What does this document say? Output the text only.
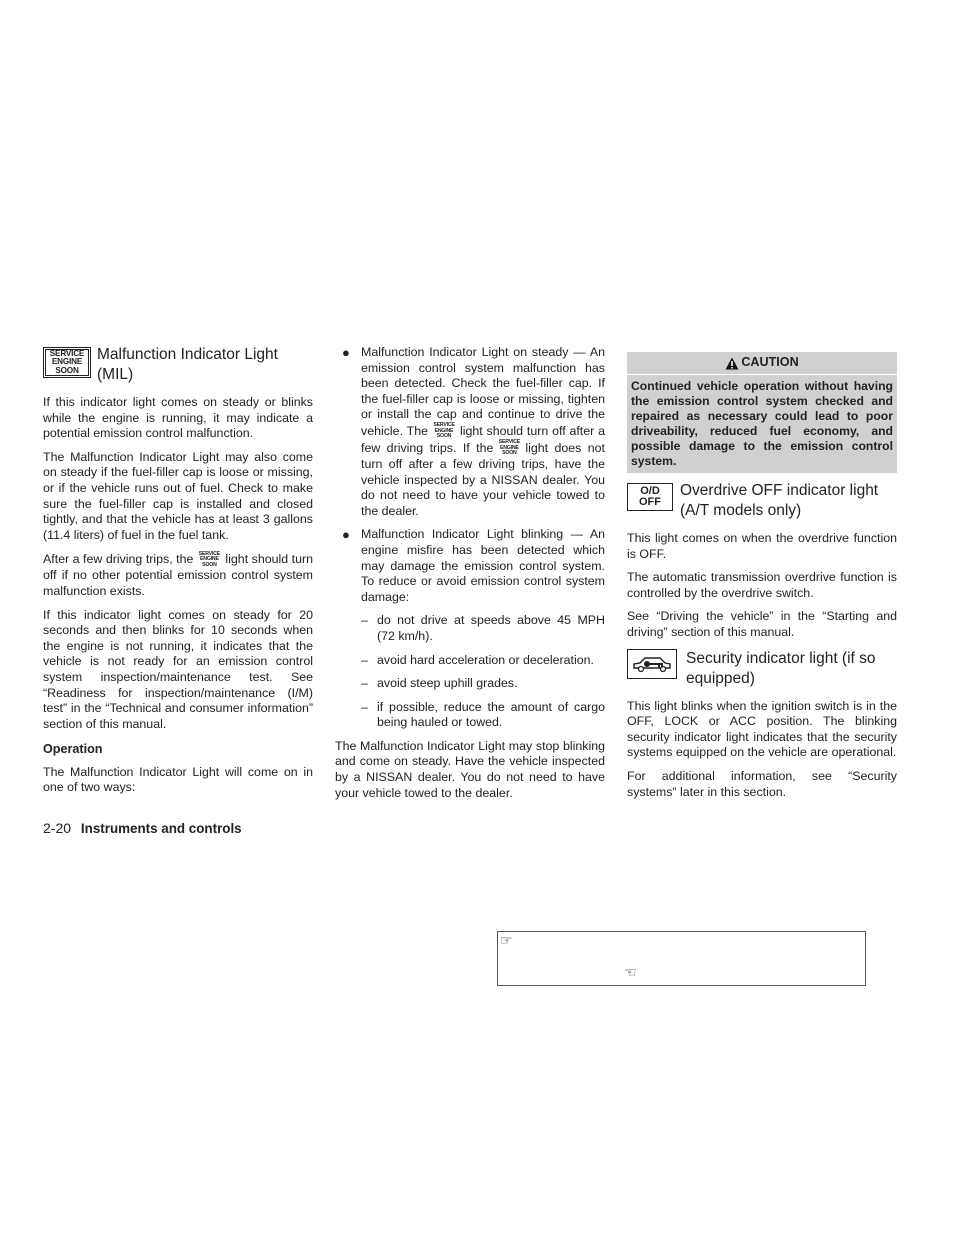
SERVICE
ENGINE
SOON
Malfunction Indicator Light (MIL)

If this indicator light comes on steady or blinks while the engine is running, it may indicate a potential emission control malfunction.

The Malfunction Indicator Light may also come on steady if the fuel-filler cap is loose or missing, or if the vehicle runs out of fuel. Check to make sure the fuel-filler cap is installed and closed tightly, and that the vehicle has at least 3 gallons (11.4 liters) of fuel in the fuel tank.

After a few driving trips, the SERVICE
ENGINE
SOON light should turn off if no other potential emission control system malfunction exists.

If this indicator light comes on steady for 20 seconds and then blinks for 10 seconds when the engine is not running, it indicates that the vehicle is not ready for an emission control system inspection/maintenance test. See “Readiness for inspection/maintenance (I/M) test” in the “Technical and consumer information” section of this manual.

Operation

The Malfunction Indicator Light will come on in one of two ways:

● Malfunction Indicator Light on steady — An emission control system malfunction has been detected. Check the fuel-filler cap. If the fuel-filler cap is loose or missing, tighten or install the cap and continue to drive the vehicle. The SERVICE
ENGINE
SOON light should turn off after a few driving trips. If the SERVICE
ENGINE
SOON light does not turn off after a few driving trips, have the vehicle inspected by a NISSAN dealer. You do not need to have your vehicle towed to the dealer.
● Malfunction Indicator Light blinking — An engine misfire has been detected which may damage the emission control system. To reduce or avoid emission control system damage:
– do not drive at speeds above 45 MPH (72 km/h).
– avoid hard acceleration or deceleration.
– avoid steep uphill grades.
– if possible, reduce the amount of cargo being hauled or towed.

The Malfunction Indicator Light may stop blinking and come on steady. Have the vehicle inspected by a NISSAN dealer. You do not need to have your vehicle towed to the dealer.

CAUTION
Continued vehicle operation without having the emission control system checked and repaired as necessary could lead to poor driveability, reduced fuel economy, and possible damage to the emission control system.
O/D
OFF
Overdrive OFF indicator light (A/T models only)

This light comes on when the overdrive function is OFF.

The automatic transmission overdrive function is controlled by the overdrive switch.

See “Driving the vehicle” in the “Starting and driving” section of this manual.

Security indicator light (if so equipped)

This light blinks when the ignition switch is in the OFF, LOCK or ACC position. The blinking security indicator light indicates that the security systems equipped on the vehicle are operational.

For additional information, see “Security systems” later in this section.

2-20 Instruments and controls
☞
☜
